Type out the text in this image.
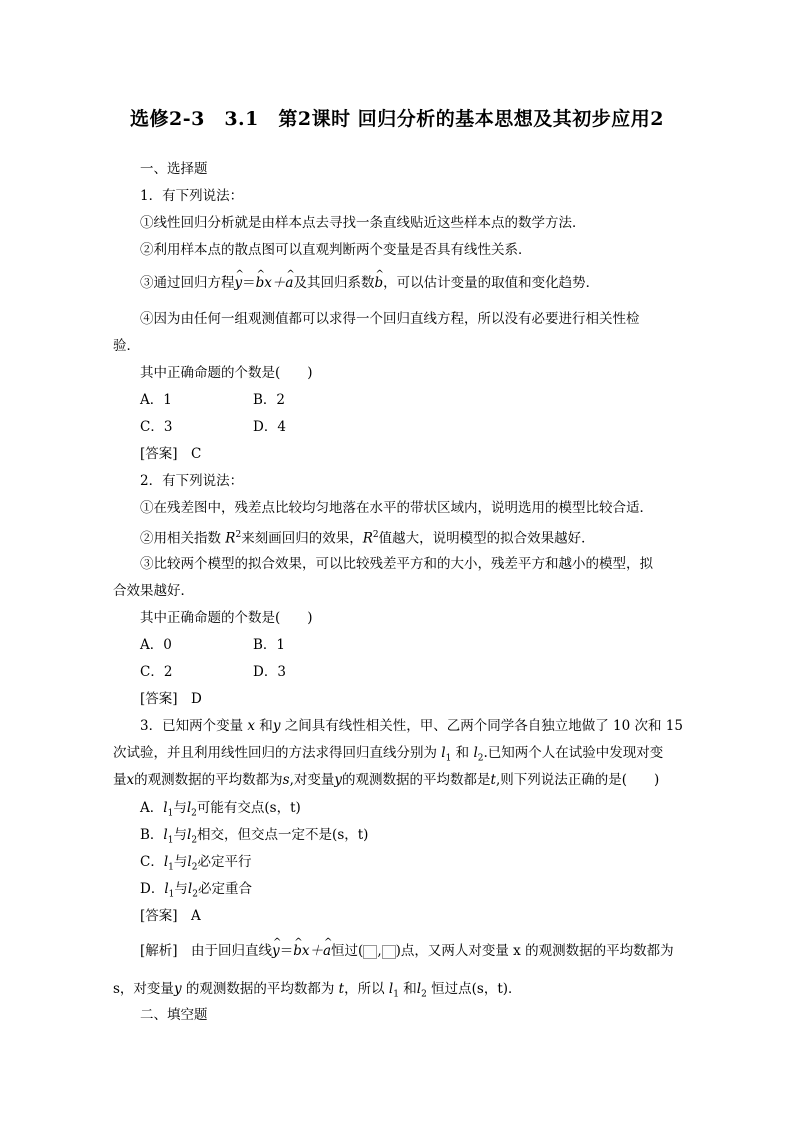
选修2-3　3.1　第2课时 回归分析的基本思想及其初步应用2
一、选择题
1．有下列说法：
①线性回归分析就是由样本点去寻找一条直线贴近这些样本点的数学方法．
②利用样本点的散点图可以直观判断两个变量是否具有线性关系．
③通过回归方程^ y＝^ bx＋^ a及其回归系数^ b，可以估计变量的取值和变化趋势．
④因为由任何一组观测值都可以求得一个回归直线方程，所以没有必要进行相关性检
验．
其中正确命题的个数是(　　)
A．1	B．2
C．3	D．4
[答案]　C
2．有下列说法：
①在残差图中，残差点比较均匀地落在水平的带状区域内，说明选用的模型比较合适．
②用相关指数 $R^2$来刻画回归的效果，$R^2$值越大，说明模型的拟合效果越好．
③比较两个模型的拟合效果，可以比较残差平方和的大小，残差平方和越小的模型，拟
合效果越好．
其中正确命题的个数是(　　)
A．0	B．1
C．2	D．3
[答案]　D
3．已知两个变量 x 和y 之间具有线性相关性，甲、乙两个同学各自独立地做了 10 次和 15
次试验，并且利用线性回归的方法求得回归直线分别为 $l_1$ 和 $l_2$.已知两个人在试验中发现对变
量x的观测数据的平均数都为s,对变量y的观测数据的平均数都是t,则下列说法正确的是(　　)
A．$l_1$与$l_2$可能有交点(s，t)
B．$l_1$与$l_2$相交，但交点一定不是(s，t)
C．$l_1$与$l_2$必定平行
D．$l_1$与$l_2$必定重合
[答案]　A
[解析]　由于回归直线^ y＝^ bx＋^ a恒过( , )点，又两人对变量 x 的观测数据的平均数都为
s，对变量y 的观测数据的平均数都为 t，所以 $l_1$ 和$l_2$ 恒过点(s，t)．
二、填空题
